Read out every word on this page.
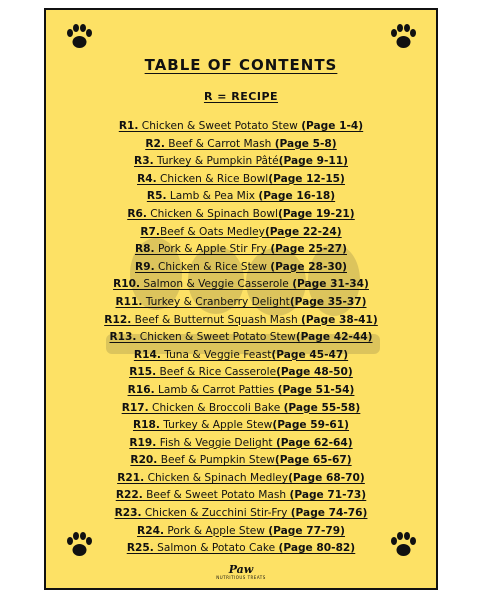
TABLE OF CONTENTS
R = RECIPE
R1. Chicken & Sweet Potato Stew (Page 1-4)
R2. Beef & Carrot Mash (Page 5-8)
R3. Turkey & Pumpkin Pâté(Page 9-11)
R4. Chicken & Rice Bowl(Page 12-15)
R5. Lamb & Pea Mix (Page 16-18)
R6. Chicken & Spinach Bowl(Page 19-21)
R7.Beef & Oats Medley(Page 22-24)
R8. Pork & Apple Stir Fry (Page 25-27)
R9. Chicken & Rice Stew (Page 28-30)
R10. Salmon & Veggie Casserole (Page 31-34)
R11. Turkey & Cranberry Delight(Page 35-37)
R12. Beef & Butternut Squash Mash (Page 38-41)
R13. Chicken & Sweet Potato Stew(Page 42-44)
R14. Tuna & Veggie Feast(Page 45-47)
R15. Beef & Rice Casserole(Page 48-50)
R16. Lamb & Carrot Patties (Page 51-54)
R17. Chicken & Broccoli Bake (Page 55-58)
R18. Turkey & Apple Stew(Page 59-61)
R19. Fish & Veggie Delight (Page 62-64)
R20. Beef & Pumpkin Stew(Page 65-67)
R21. Chicken & Spinach Medley(Page 68-70)
R22. Beef & Sweet Potato Mash (Page 71-73)
R23. Chicken & Zucchini Stir-Fry (Page 74-76)
R24. Pork & Apple Stew (Page 77-79)
R25. Salmon & Potato Cake (Page 80-82)
Paw
NUTRITIOUS TREATS
